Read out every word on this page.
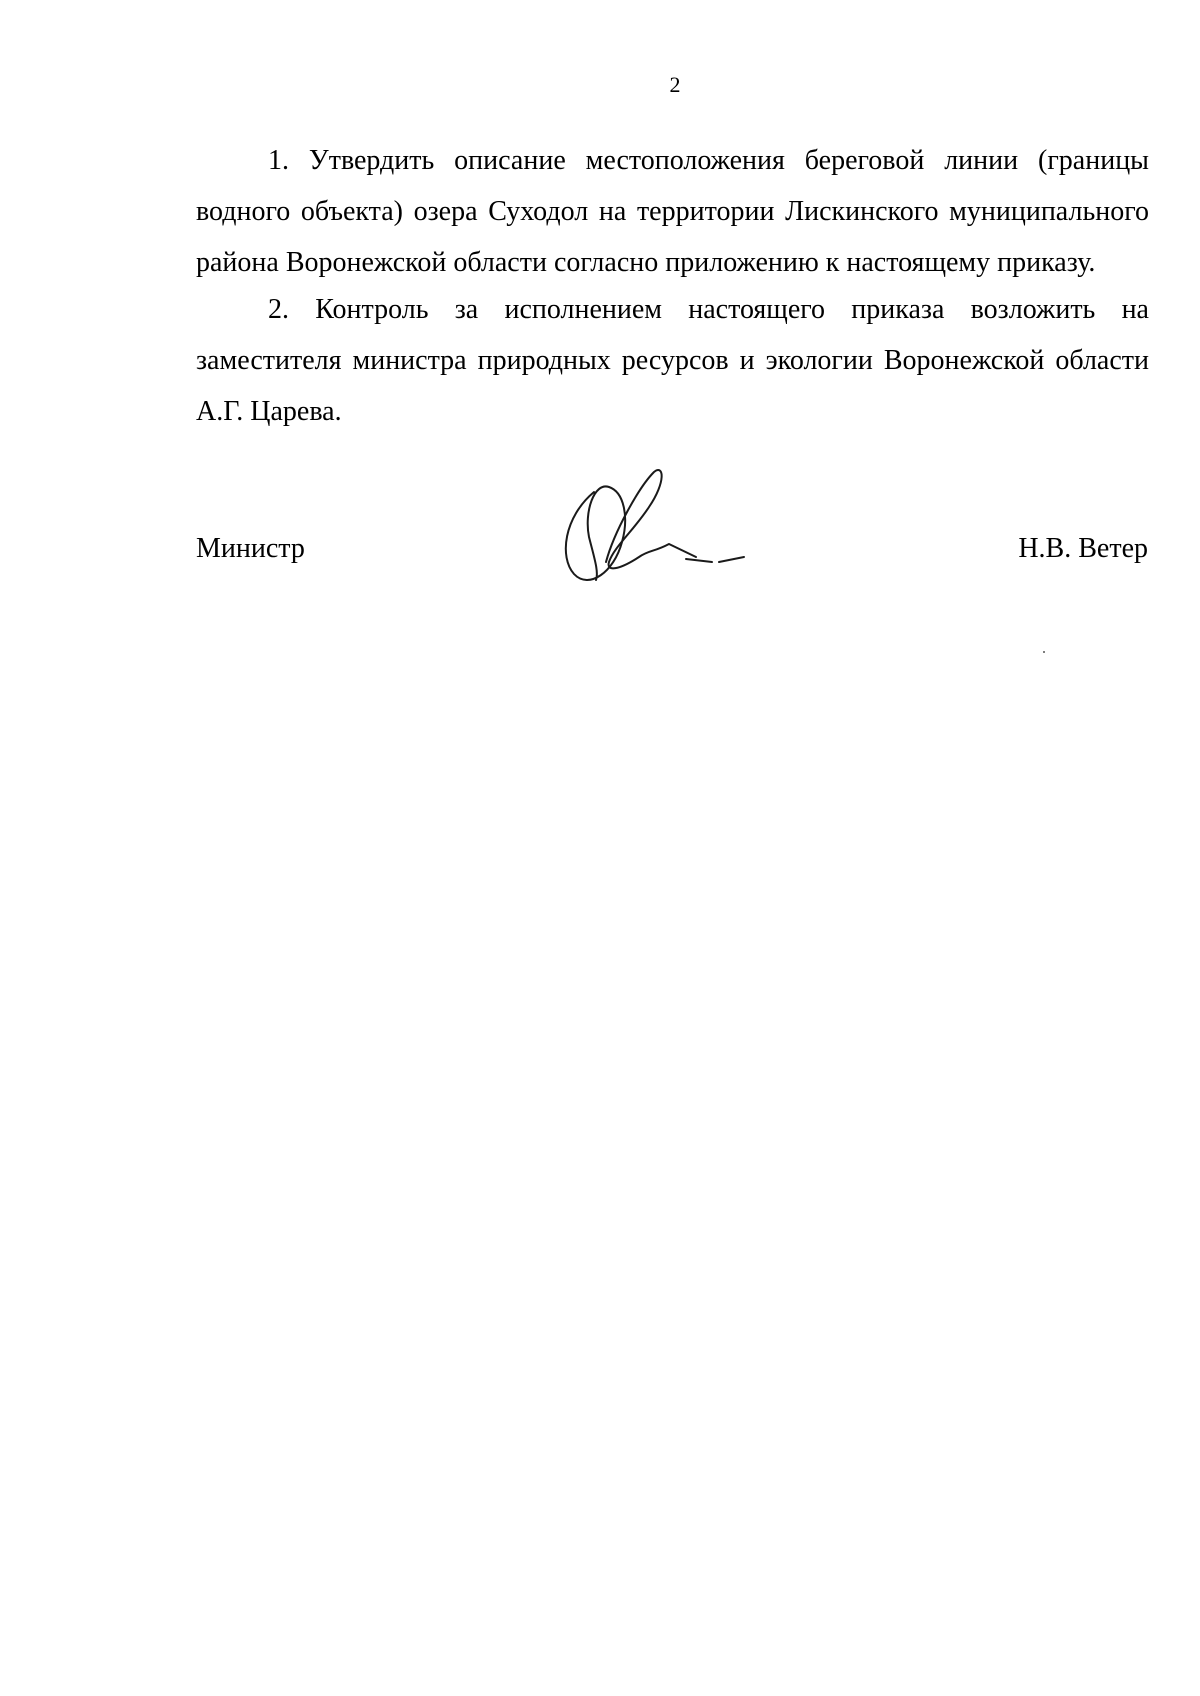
2

1. Утвердить описание местоположения береговой линии (границы водного объекта) озера Суходол на территории Лискинского муниципального района Воронежской области согласно приложению к настоящему приказу.

2. Контроль за исполнением настоящего приказа возложить на заместителя министра природных ресурсов и экологии Воронежской области А.Г. Царева.

Министр	Н.В. Ветер
